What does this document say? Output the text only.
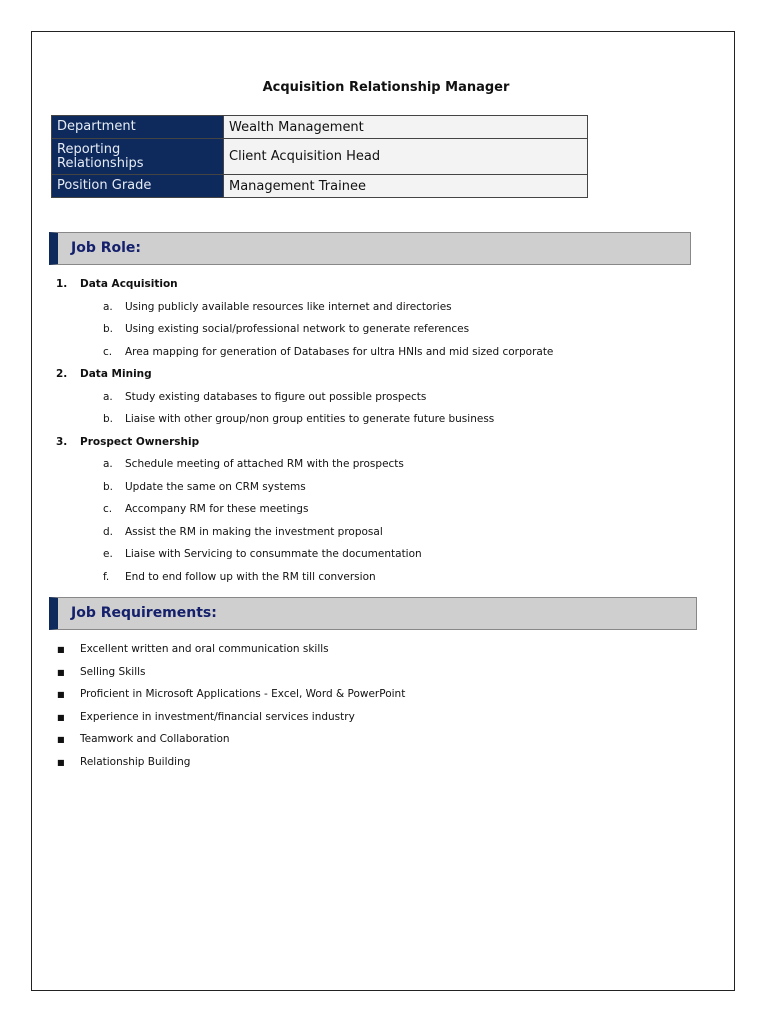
Acquisition Relationship Manager
Department	Wealth Management
Reporting
Relationships	Client Acquisition Head
Position Grade	Management Trainee
Job Role:
1. Data Acquisition
a. Using publicly available resources like internet and directories
b. Using existing social/professional network to generate references
c. Area mapping for generation of Databases for ultra HNIs and mid sized corporate
2. Data Mining
a. Study existing databases to figure out possible prospects
b. Liaise with other group/non group entities to generate future business
3. Prospect Ownership
a. Schedule meeting of attached RM with the prospects
b. Update the same on CRM systems
c. Accompany RM for these meetings
d. Assist the RM in making the investment proposal
e. Liaise with Servicing to consummate the documentation
f. End to end follow up with the RM till conversion
Job Requirements:
■ Excellent written and oral communication skills
■ Selling Skills
■ Proficient in Microsoft Applications - Excel, Word & PowerPoint
■ Experience in investment/financial services industry
■ Teamwork and Collaboration
■ Relationship Building
